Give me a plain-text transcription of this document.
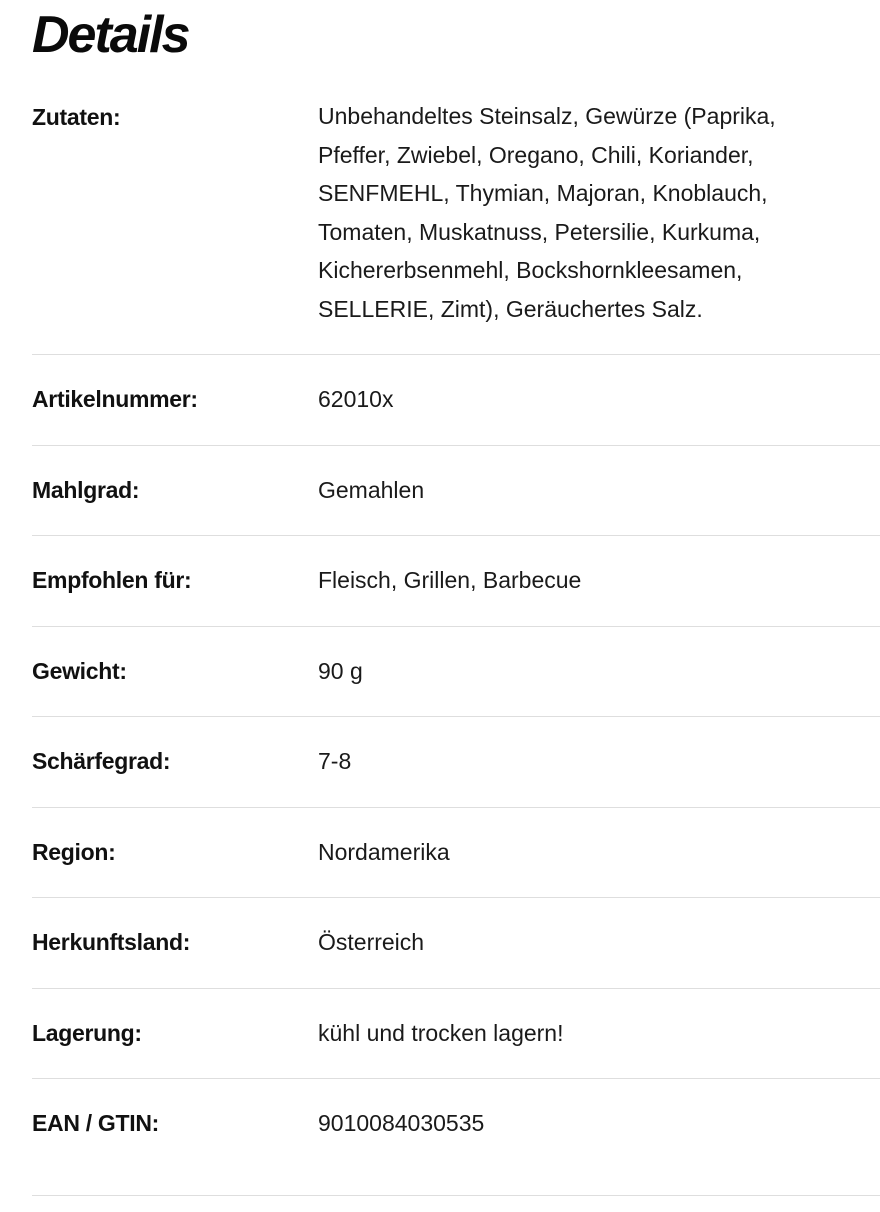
Details
Zutaten:	Unbehandeltes Steinsalz, Gewürze (Paprika, Pfeffer, Zwiebel, Oregano, Chili, Koriander, SENFMEHL, Thymian, Majoran, Knoblauch, Tomaten, Muskatnuss, Petersilie, Kurkuma, Kichererbsenmehl, Bockshornkleesamen, SELLERIE, Zimt), Geräuchertes Salz.
Artikelnummer:	62010x
Mahlgrad:	Gemahlen
Empfohlen für:	Fleisch, Grillen, Barbecue
Gewicht:	90 g
Schärfegrad:	7-8
Region:	Nordamerika
Herkunftsland:	Österreich
Lagerung:	kühl und trocken lagern!
EAN / GTIN:	9010084030535
